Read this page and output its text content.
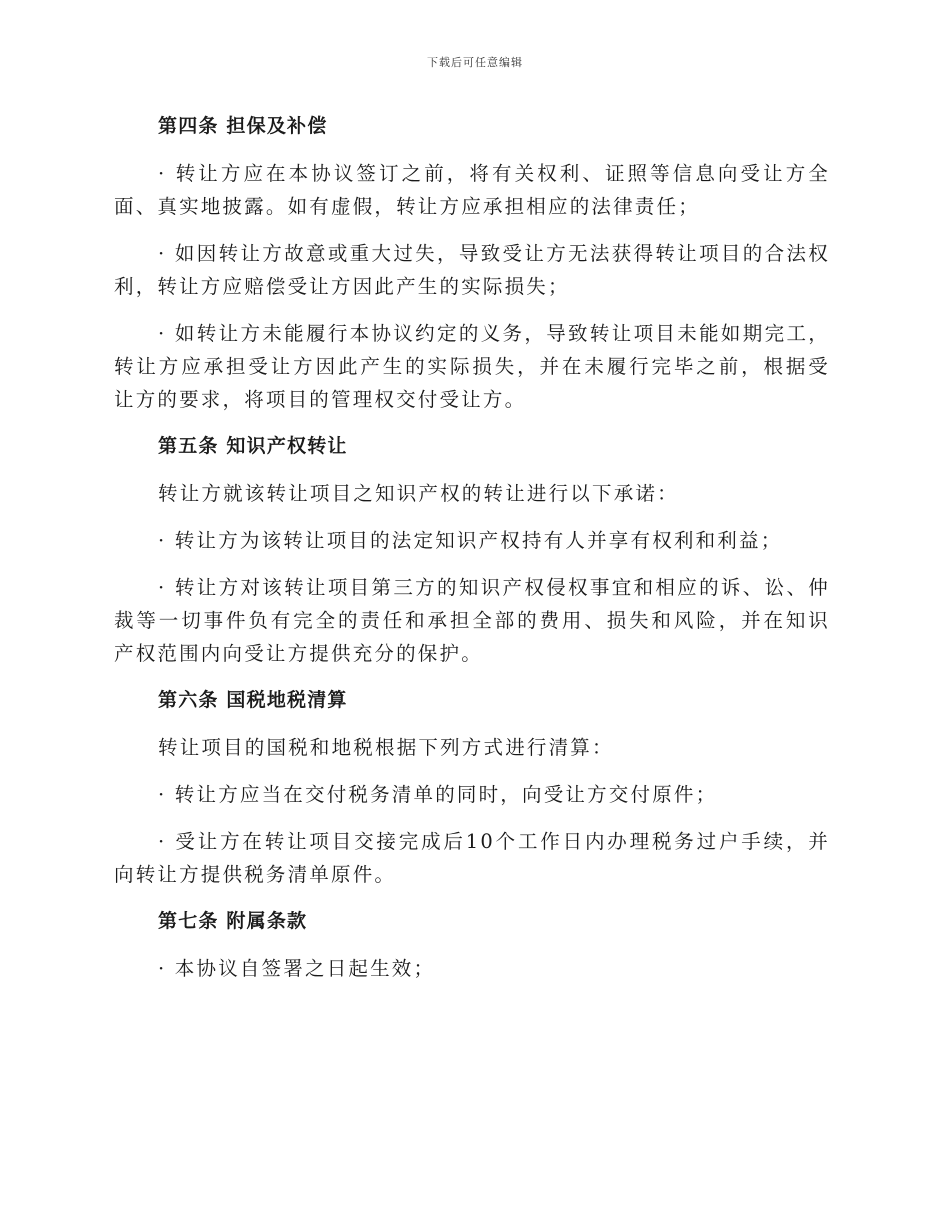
下载后可任意编辑
第四条 担保及补偿

· 转让方应在本协议签订之前，将有关权利、证照等信息向受让方全面、真实地披露。如有虚假，转让方应承担相应的法律责任；

· 如因转让方故意或重大过失，导致受让方无法获得转让项目的合法权利，转让方应赔偿受让方因此产生的实际损失；

· 如转让方未能履行本协议约定的义务，导致转让项目未能如期完工，转让方应承担受让方因此产生的实际损失，并在未履行完毕之前，根据受让方的要求，将项目的管理权交付受让方。

第五条 知识产权转让

转让方就该转让项目之知识产权的转让进行以下承诺：

· 转让方为该转让项目的法定知识产权持有人并享有权利和利益；

· 转让方对该转让项目第三方的知识产权侵权事宜和相应的诉、讼、仲裁等一切事件负有完全的责任和承担全部的费用、损失和风险，并在知识产权范围内向受让方提供充分的保护。

第六条 国税地税清算

转让项目的国税和地税根据下列方式进行清算：

· 转让方应当在交付税务清单的同时，向受让方交付原件；

· 受让方在转让项目交接完成后10个工作日内办理税务过户手续，并向转让方提供税务清单原件。

第七条 附属条款

· 本协议自签署之日起生效；
